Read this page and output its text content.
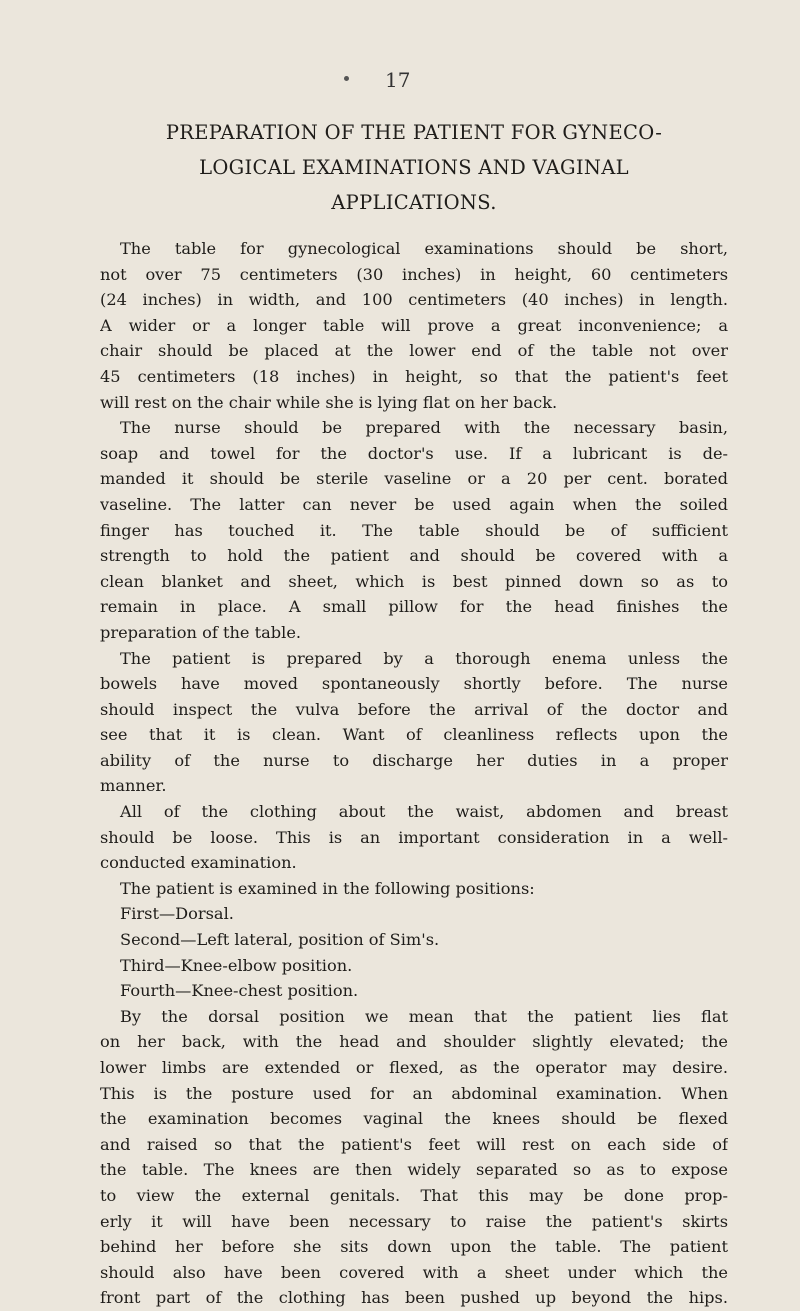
17
PREPARATION OF THE PATIENT FOR GYNECO-
LOGICAL EXAMINATIONS AND VAGINAL
APPLICATIONS.
The table for gynecological examinations should be short,
not over 75 centimeters (30 inches) in height, 60 centimeters
(24 inches) in width, and 100 centimeters (40 inches) in length.
A wider or a longer table will prove a great inconvenience; a
chair should be placed at the lower end of the table not over
45 centimeters (18 inches) in height, so that the patient's feet
will rest on the chair while she is lying flat on her back.
The nurse should be prepared with the necessary basin,
soap and towel for the doctor's use. If a lubricant is de-
manded it should be sterile vaseline or a 20 per cent. borated
vaseline. The latter can never be used again when the soiled
finger has touched it. The table should be of sufficient
strength to hold the patient and should be covered with a
clean blanket and sheet, which is best pinned down so as to
remain in place. A small pillow for the head finishes the
preparation of the table.
The patient is prepared by a thorough enema unless the
bowels have moved spontaneously shortly before. The nurse
should inspect the vulva before the arrival of the doctor and
see that it is clean. Want of cleanliness reflects upon the
ability of the nurse to discharge her duties in a proper
manner.
All of the clothing about the waist, abdomen and breast
should be loose. This is an important consideration in a well-
conducted examination.
The patient is examined in the following positions:
First—Dorsal.
Second—Left lateral, position of Sim's.
Third—Knee-elbow position.
Fourth—Knee-chest position.
By the dorsal position we mean that the patient lies flat
on her back, with the head and shoulder slightly elevated; the
lower limbs are extended or flexed, as the operator may desire.
This is the posture used for an abdominal examination. When
the examination becomes vaginal the knees should be flexed
and raised so that the patient's feet will rest on each side of
the table. The knees are then widely separated so as to expose
to view the external genitals. That this may be done prop-
erly it will have been necessary to raise the patient's skirts
behind her before she sits down upon the table. The patient
should also have been covered with a sheet under which the
front part of the clothing has been pushed up beyond the hips.
